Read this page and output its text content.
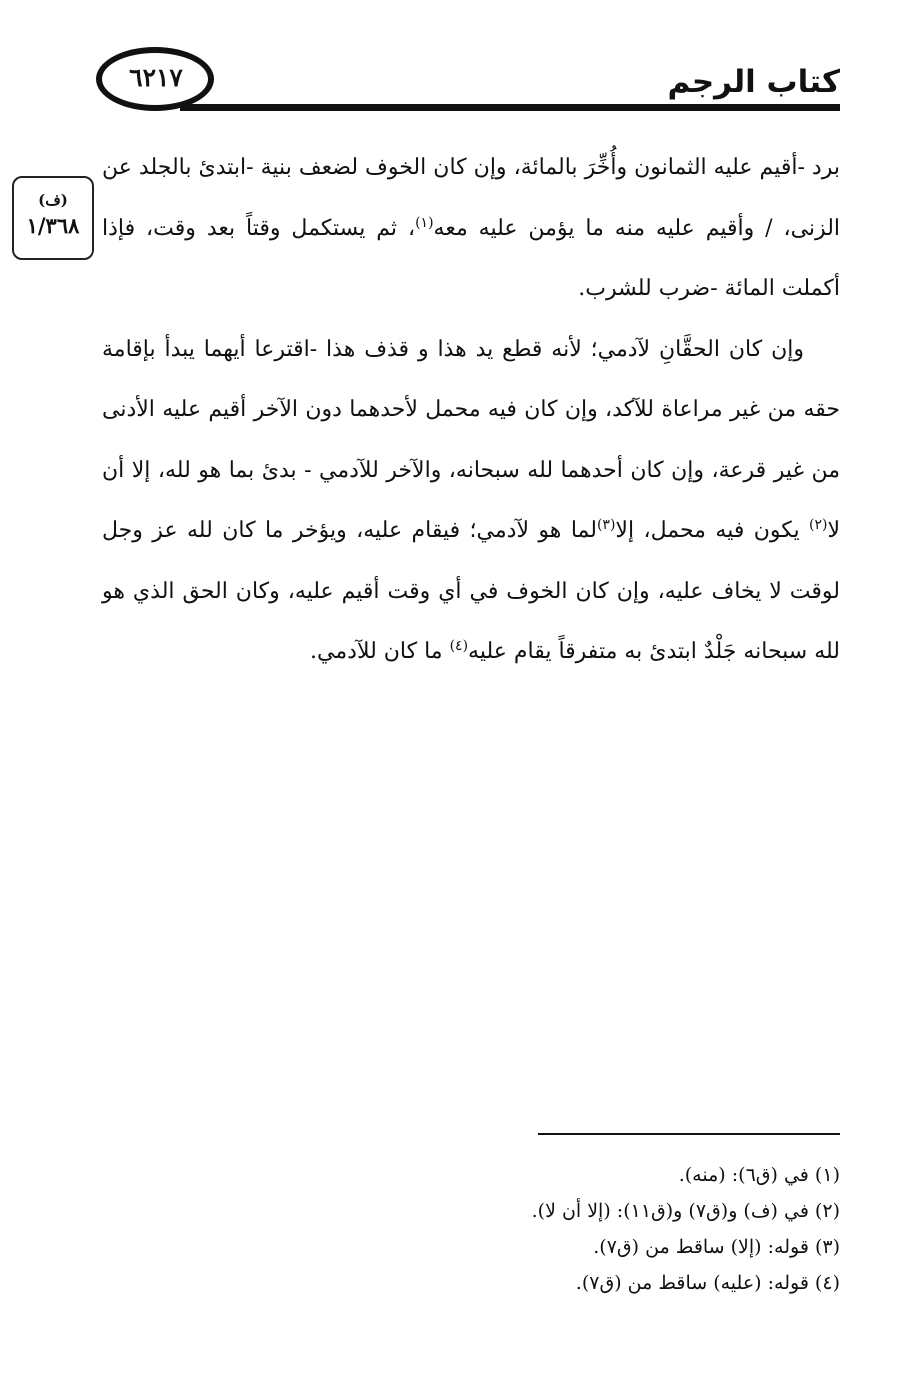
٦٢١٧	كتاب الرجم
(ف)
١/٣٦٨

برد -أقيم عليه الثمانون وأُخِّرَ بالمائة، وإن كان الخوف لضعف بنية -ابتدئ بالجلد عن الزنى، / وأقيم عليه منه ما يؤمن عليه معه$^{(١)}$، ثم يستكمل وقتاً بعد وقت، فإذا أكملت المائة -ضرب للشرب.

وإن كان الحقَّانِ لآدمي؛ لأنه قطع يد هذا و قذف هذا -اقترعا أيهما يبدأ بإقامة حقه من غير مراعاة للآكد، وإن كان فيه محمل لأحدهما دون الآخر أقيم عليه الأدنى من غير قرعة، وإن كان أحدهما لله سبحانه، والآخر للآدمي - بدئ بما هو لله، إلا أن لا$^{(٢)}$ يكون فيه محمل، إلا$^{(٣)}$لما هو لآدمي؛ فيقام عليه، ويؤخر ما كان لله عز وجل لوقت لا يخاف عليه، وإن كان الخوف في أي وقت أقيم عليه، وكان الحق الذي هو لله سبحانه جَلْدٌ ابتدئ به متفرقاً يقام عليه$^{(٤)}$ ما كان للآدمي.

(١) في (ق٦): (منه).

(٢) في (ف) و(ق٧) و(ق١١): (إلا أن لا).

(٣) قوله: (إلا) ساقط من (ق٧).

(٤) قوله: (عليه) ساقط من (ق٧).
